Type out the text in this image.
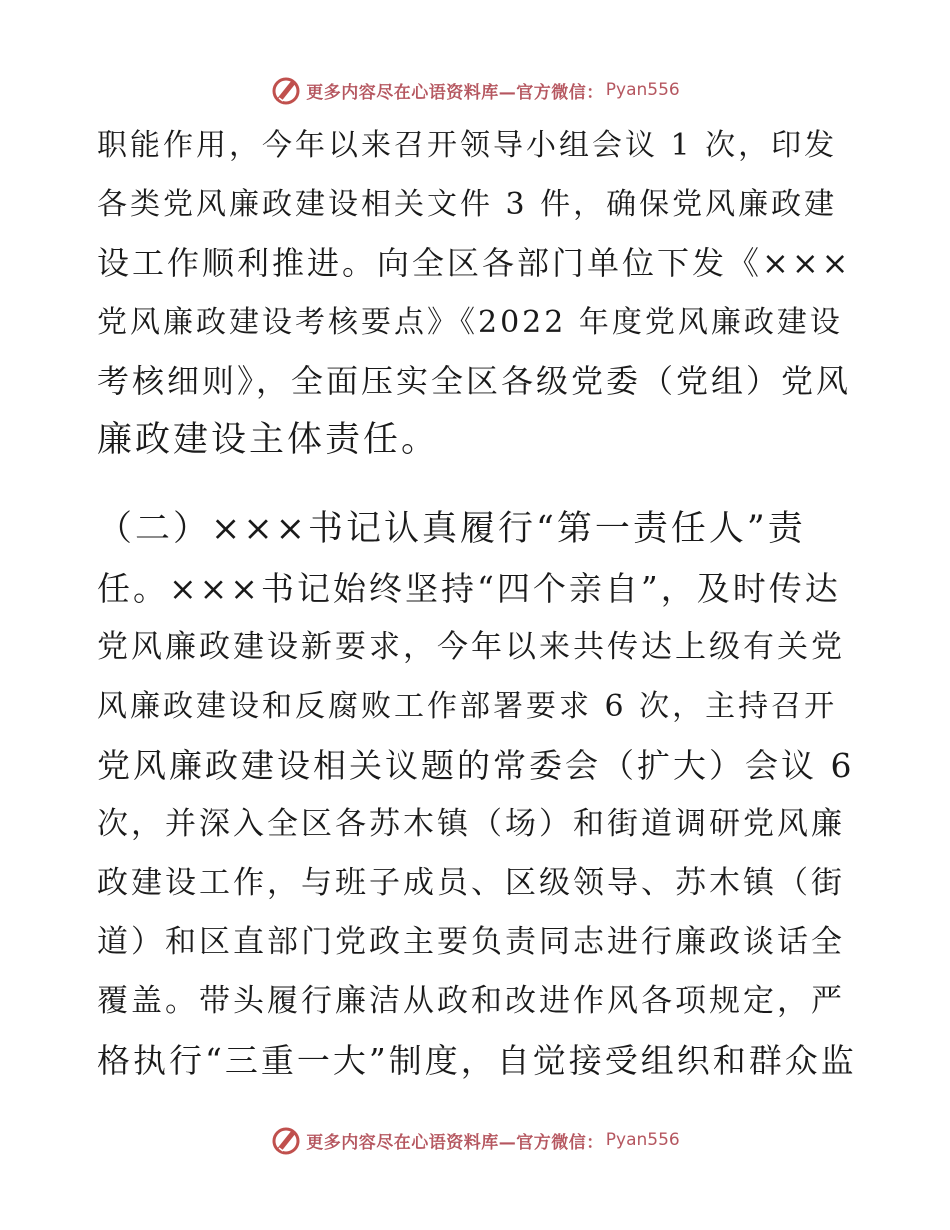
更多内容尽在心语资料库—官方微信： Pyan556

职能作用，今年以来召开领导小组会议 1 次，印发
各类党风廉政建设相关文件 3 件，确保党风廉政建
设工作顺利推进。向全区各部门单位下发《×××
党风廉政建设考核要点》《2022 年度党风廉政建设
考核细则》，全面压实全区各级党委（党组）党风
廉政建设主体责任。

（二）×××书记认真履行“第一责任人”责
任。×××书记始终坚持“四个亲自”，及时传达
党风廉政建设新要求，今年以来共传达上级有关党
风廉政建设和反腐败工作部署要求 6 次，主持召开
党风廉政建设相关议题的常委会（扩大）会议 6
次，并深入全区各苏木镇（场）和街道调研党风廉
政建设工作，与班子成员、区级领导、苏木镇（街
道）和区直部门党政主要负责同志进行廉政谈话全
覆盖。带头履行廉洁从政和改进作风各项规定，严
格执行“三重一大”制度，自觉接受组织和群众监

更多内容尽在心语资料库—官方微信： Pyan556
